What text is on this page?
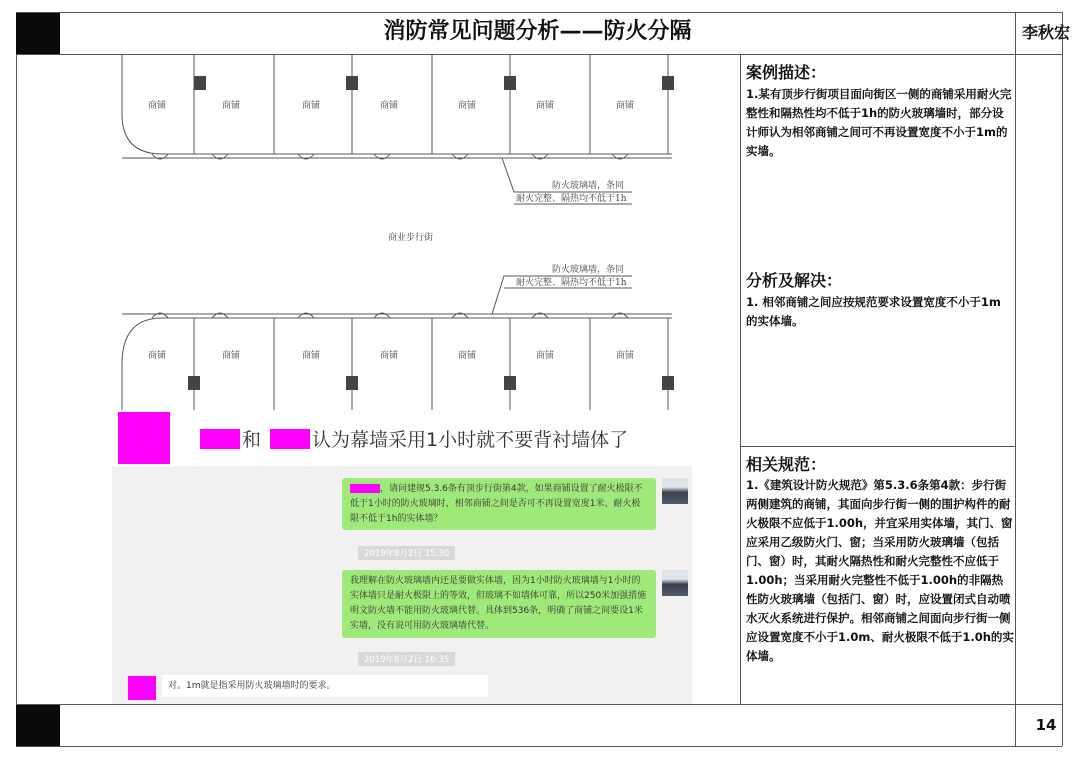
消防常见问题分析——防火分隔	李秋宏
14
商铺	商铺	商铺	商铺	商铺	商铺	商铺
商铺	商铺	商铺	商铺	商铺	商铺	商铺
商业步行街
防火玻璃墙，条同
耐火完整、隔热均不低于1h
防火玻璃墙，条同
耐火完整、隔热均不低于1h
和	认为幕墙采用1小时就不要背衬墙体了
，请问建规5.3.6条有顶步行街第4款，如果商铺设置了耐火极限不低于1小时的防火玻璃时，相邻商铺之间是否可不再设置宽度1米、耐火极限不低于1h的实体墙？
2019年8月2日 15:30
我理解在防火玻璃墙内还是要做实体墙，因为1小时防火玻璃墙与1小时的实体墙只是耐火极限上的等效，但玻璃不如墙体可靠，所以250米加强措施明文防火墙不能用防火玻璃代替。具体到536条，明确了商铺之间要设1米实墙，没有说可用防火玻璃墙代替。
2019年8月2日 16:35
对。1m就是指采用防火玻璃墙时的要求。
案例描述：
1.某有顶步行街项目面向街区一侧的商铺采用耐火完整性和隔热性均不低于1h的防火玻璃墙时，部分设计师认为相邻商铺之间可不再设置宽度不小于1m的实墙。
分析及解决：
1. 相邻商铺之间应按规范要求设置宽度不小于1m的实体墙。
相关规范：
1.《建筑设计防火规范》第5.3.6条第4款：步行街两侧建筑的商铺，其面向步行街一侧的围护构件的耐火极限不应低于1.00h，并宜采用实体墙，其门、窗应采用乙级防火门、窗；当采用防火玻璃墙（包括门、窗）时，其耐火隔热性和耐火完整性不应低于1.00h；当采用耐火完整性不低于1.00h的非隔热性防火玻璃墙（包括门、窗）时，应设置闭式自动喷水灭火系统进行保护。相邻商铺之间面向步行街一侧应设置宽度不小于1.0m、耐火极限不低于1.0h的实体墙。
